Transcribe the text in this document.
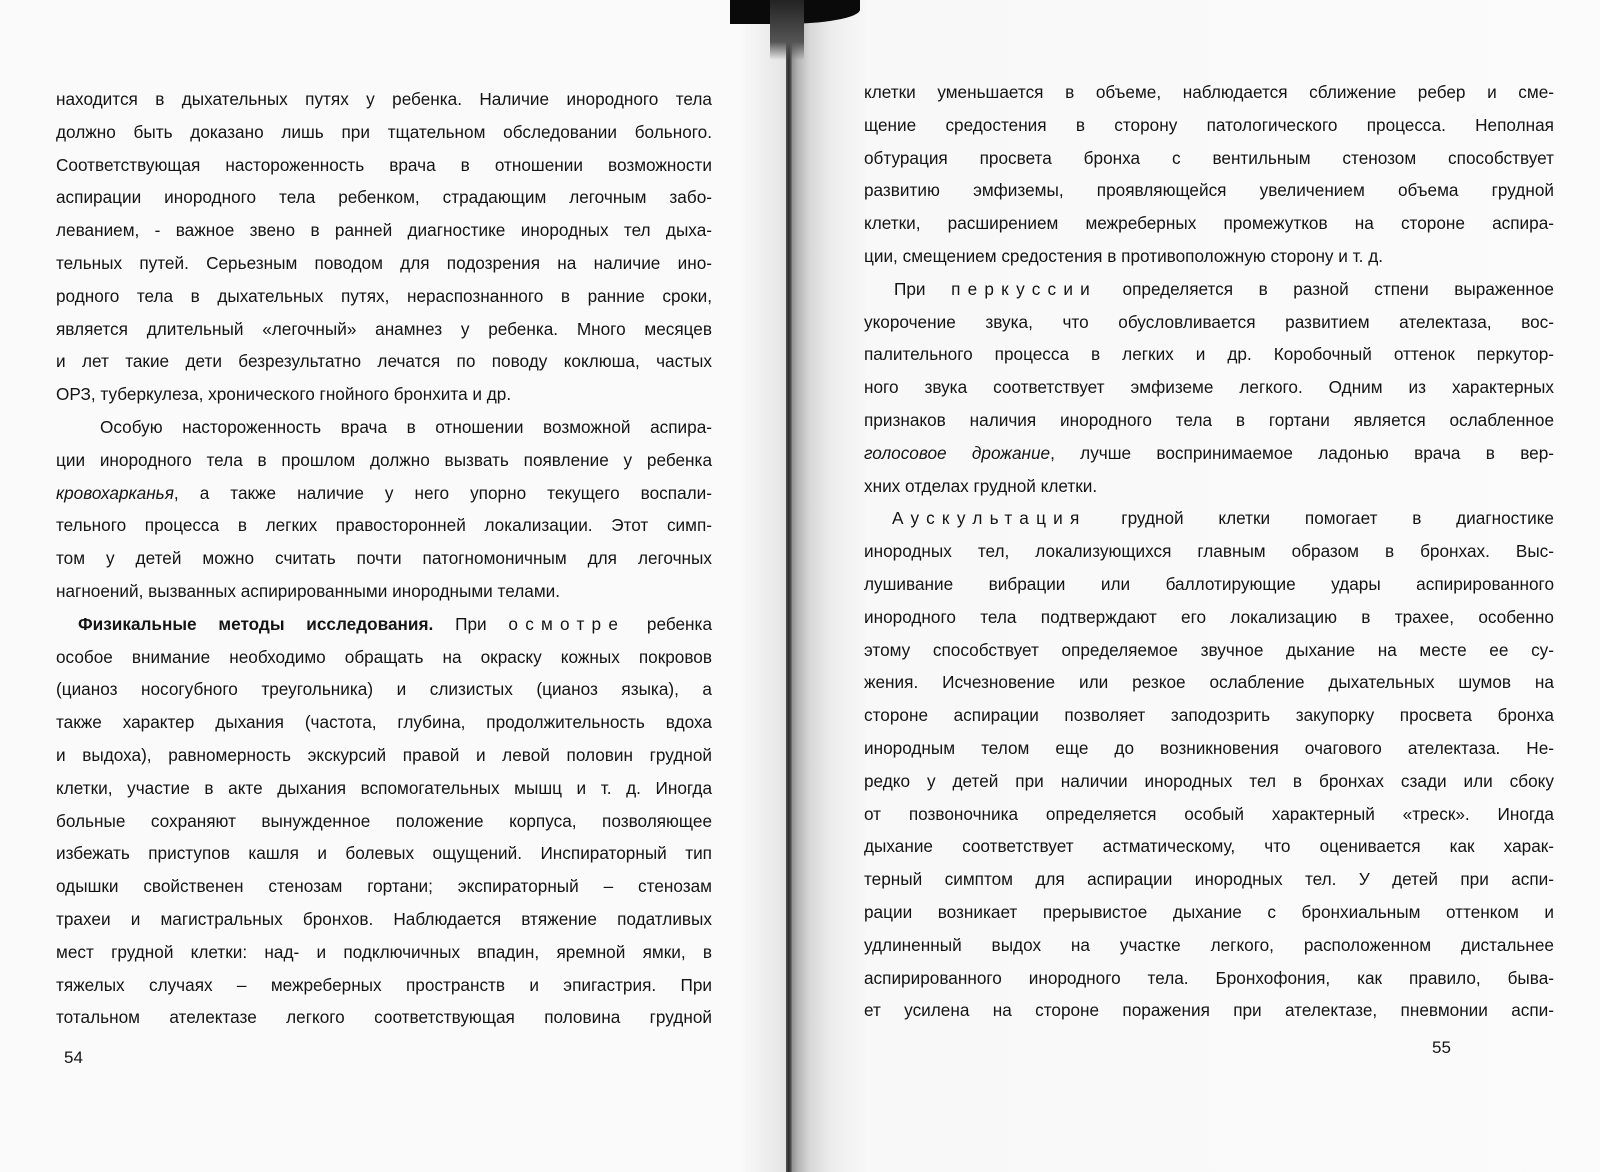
находится в дыхательных путях у ребенка. Наличие инородного тела
должно быть доказано лишь при тщательном обследовании больного.
Соответствующая настороженность врача в отношении возможности
аспирации инородного тела ребенком, страдающим легочным забо-
леванием, - важное звено в ранней диагностике инородных тел дыха-
тельных путей. Серьезным поводом для подозрения на наличие ино-
родного тела в дыхательных путях, нераспознанного в ранние сроки,
является длительный «легочный» анамнез у ребенка. Много месяцев
и лет такие дети безрезультатно лечатся по поводу коклюша, частых
ОРЗ, туберкулеза, хронического гнойного бронхита и др.
Особую настороженность врача в отношении возможной аспира-
ции инородного тела в прошлом должно вызвать появление у ребенка
кровохарканья, а также наличие у него упорно текущего воспали-
тельного процесса в легких правосторонней локализации. Этот симп-
том у детей можно считать почти патогномоничным для легочных
нагноений, вызванных аспирированными инородными телами.
Физикальные методы исследования. При осмотре ребенка
особое внимание необходимо обращать на окраску кожных покровов
(цианоз носогубного треугольника) и слизистых (цианоз языка), а
также характер дыхания (частота, глубина, продолжительность вдоха
и выдоха), равномерность экскурсий правой и левой половин грудной
клетки, участие в акте дыхания вспомогательных мышц и т. д. Иногда
больные сохраняют вынужденное положение корпуса, позволяющее
избежать приступов кашля и болевых ощущений. Инспираторный тип
одышки свойственен стенозам гортани; экспираторный – стенозам
трахеи и магистральных бронхов. Наблюдается втяжение податливых
мест грудной клетки: над- и подключичных впадин, яремной ямки, в
тяжелых случаях – межреберных пространств и эпигастрия. При
тотальном ателектазе легкого соответствующая половина грудной
54
клетки уменьшается в объеме, наблюдается сближение ребер и сме-
щение средостения в сторону патологического процесса. Неполная
обтурация просвета бронха с вентильным стенозом способствует
развитию эмфиземы, проявляющейся увеличением объема грудной
клетки, расширением межреберных промежутков на стороне аспира-
ции, смещением средостения в противоположную сторону и т. д.
При перкуссии определяется в разной стпени выраженное
укорочение звука, что обусловливается развитием ателектаза, вос-
палительного процесса в легких и др. Коробочный оттенок перкутор-
ного звука соответствует эмфиземе легкого. Одним из характерных
признаков наличия инородного тела в гортани является ослабленное
голосовое дрожание, лучше воспринимаемое ладонью врача в вер-
хних отделах грудной клетки.
Аускультация грудной клетки помогает в диагностике
инородных тел, локализующихся главным образом в бронхах. Выс-
лушивание вибрации или баллотирующие удары аспирированного
инородного тела подтверждают его локализацию в трахее, особенно
этому способствует определяемое звучное дыхание на месте ее су-
жения. Исчезновение или резкое ослабление дыхательных шумов на
стороне аспирации позволяет заподозрить закупорку просвета бронха
инородным телом еще до возникновения очагового ателектаза. Не-
редко у детей при наличии инородных тел в бронхах сзади или сбоку
от позвоночника определяется особый характерный «треск». Иногда
дыхание соответствует астматическому, что оценивается как харак-
терный симптом для аспирации инородных тел. У детей при аспи-
рации возникает прерывистое дыхание с бронхиальным оттенком и
удлиненный выдох на участке легкого, расположенном дистальнее
аспирированного инородного тела. Бронхофония, как правило, быва-
ет усилена на стороне поражения при ателектазе, пневмонии аспи-
55
